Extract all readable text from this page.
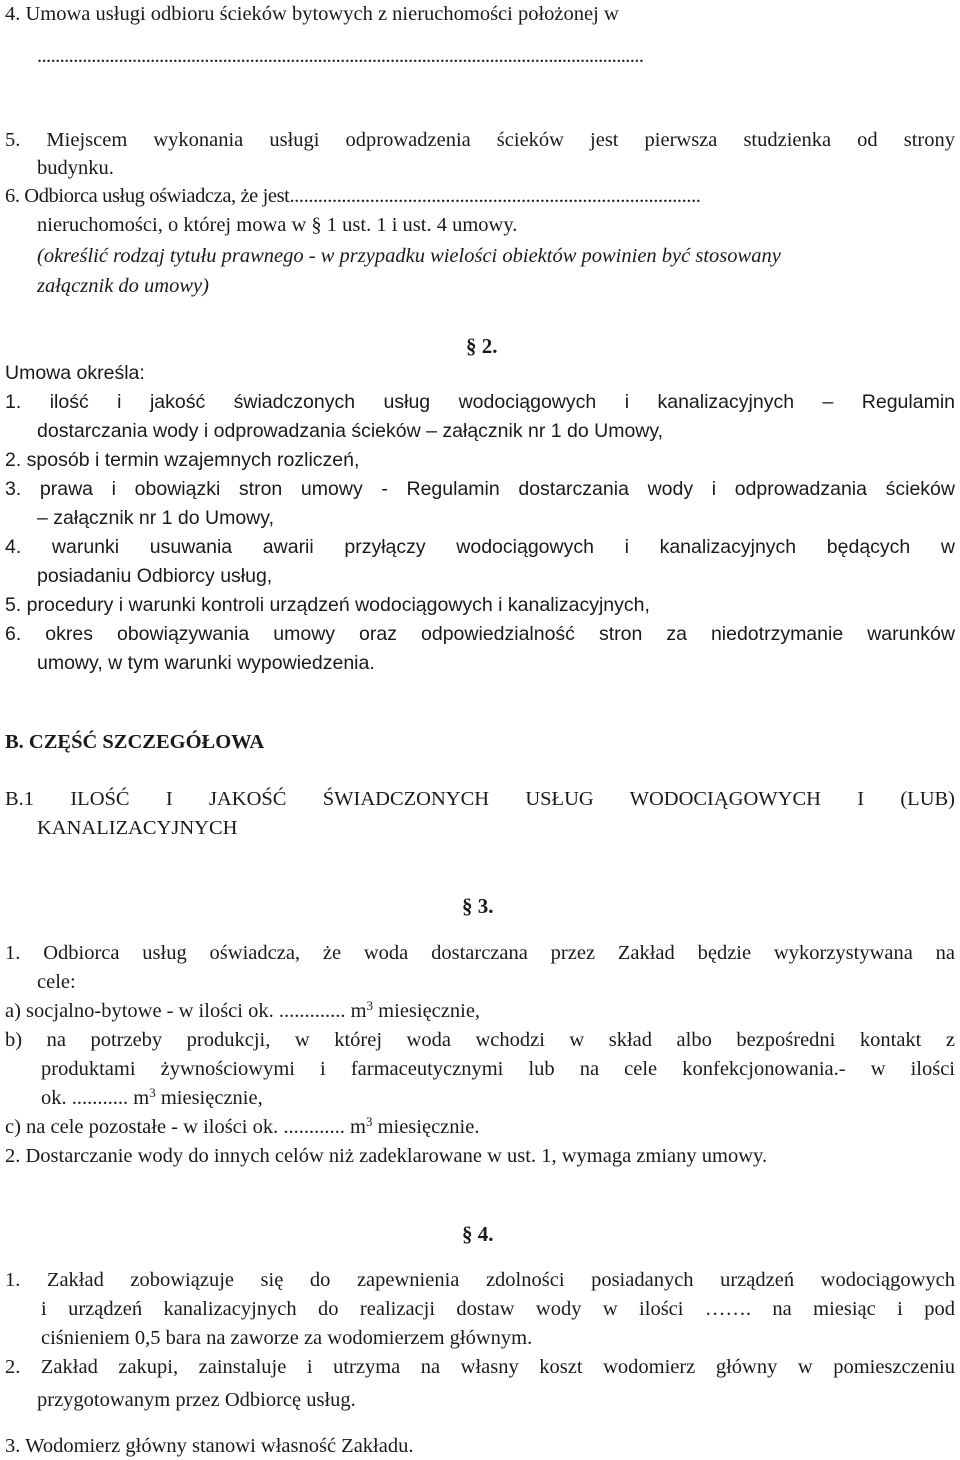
4. Umowa usługi odbioru ścieków bytowych z nieruchomości położonej w
......................................................................................................................................
5. Miejscem wykonania usługi odprowadzenia ścieków jest pierwsza studzienka od strony
budynku.
6. Odbiorca usług oświadcza, że jest.......................................................................................
nieruchomości, o której mowa w § 1 ust. 1 i ust. 4 umowy.
(określić rodzaj tytułu prawnego - w przypadku wielości obiektów powinien być stosowany
załącznik do umowy)
§ 2.
Umowa określa:
1. ilość i jakość świadczonych usług wodociągowych i kanalizacyjnych – Regulamin
dostarczania wody i odprowadzania ścieków – załącznik nr 1 do Umowy,
2. sposób i termin wzajemnych rozliczeń,
3. prawa i obowiązki stron umowy - Regulamin dostarczania wody i odprowadzania ścieków
– załącznik nr 1 do Umowy,
4. warunki usuwania awarii przyłączy wodociągowych i kanalizacyjnych będących w
posiadaniu Odbiorcy usług,
5. procedury i warunki kontroli urządzeń wodociągowych i kanalizacyjnych,
6. okres obowiązywania umowy oraz odpowiedzialność stron za niedotrzymanie warunków
umowy, w tym warunki wypowiedzenia.
B. CZĘŚĆ SZCZEGÓŁOWA
B.1 ILOŚĆ I JAKOŚĆ ŚWIADCZONYCH USŁUG WODOCIĄGOWYCH I (LUB)
KANALIZACYJNYCH
§ 3.
1. Odbiorca usług oświadcza, że woda dostarczana przez Zakład będzie wykorzystywana na
cele:
a) socjalno-bytowe - w ilości ok. ............. $m^3$ miesięcznie,
b) na potrzeby produkcji, w której woda wchodzi w skład albo bezpośredni kontakt z
produktami żywnościowymi i farmaceutycznymi lub na cele konfekcjonowania.- w ilości
ok. ........... $m^3$ miesięcznie,
c) na cele pozostałe - w ilości ok. ............ $m^3$ miesięcznie.
2. Dostarczanie wody do innych celów niż zadeklarowane w ust. 1, wymaga zmiany umowy.
§ 4.
1. Zakład zobowiązuje się do zapewnienia zdolności posiadanych urządzeń wodociągowych
i urządzeń kanalizacyjnych do realizacji dostaw wody w ilości ……. na miesiąc i pod
ciśnieniem 0,5 bara na zaworze za wodomierzem głównym.
2. Zakład zakupi, zainstaluje i utrzyma na własny koszt wodomierz główny w pomieszczeniu
przygotowanym przez Odbiorcę usług.
3. Wodomierz główny stanowi własność Zakładu.
